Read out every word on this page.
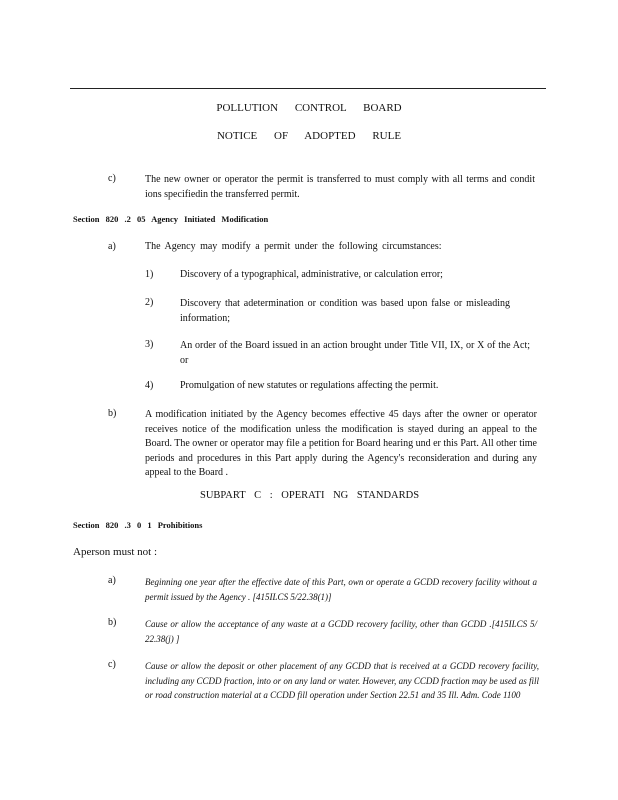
POLLUTION CONTROL BOARD
NOTICE OF ADOPTED RULE
c)	The new owner or operator the permit is transferred to must comply with all terms and condit ions specifiedin the transferred permit.
Section 820 .2 05 Agency Initiated Modification
a)	The Agency may modify a permit under the following circumstances:
1)	Discovery of a typographical, administrative, or calculation error;
2)	Discovery that adetermination or condition was based upon false or misleading information;
3)	An order of the Board issued in an action brought under Title VII, IX, or X of the Act; or
4)	Promulgation of new statutes or regulations affecting the permit.
b)	A modification initiated by the Agency becomes effective 45 days after the owner or operator receives notice of the modification unless the modification is stayed during an appeal to the Board. The owner or operator may file a petition for Board hearing und er this Part. All other time periods and procedures in this Part apply during the Agency's reconsideration and during any appeal to the Board .
SUBPART C : OPERATI NG STANDARDS
Section 820 .3 0 1 Prohibitions
Aperson must not :
a)	Beginning one year after the effective date of this Part, own or operate a GCDD recovery facility without a permit issued by the Agency . [415ILCS 5/22.38(1)]
b)	Cause or allow the acceptance of any waste at a GCDD recovery facility, other than GCDD .[415ILCS 5/ 22.38(j) ]
c)	Cause or allow the deposit or other placement of any GCDD that is received at a GCDD recovery facility, including any CCDD fraction, into or on any land or water. However, any CCDD fraction may be used as fill or road construction material at a CCDD fill operation under Section 22.51 and 35 Ill. Adm. Code 1100
